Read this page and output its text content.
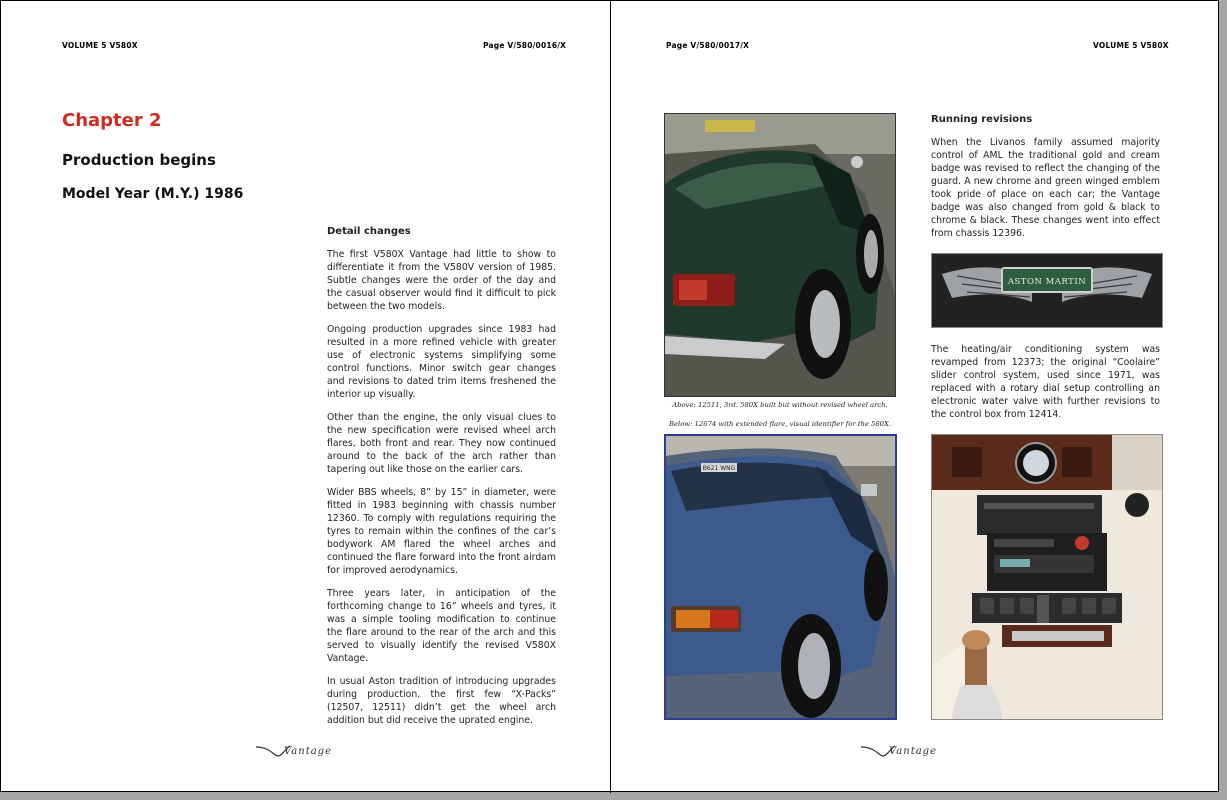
VOLUME 5 V580X	Page V/580/0016/X
Chapter 2
Production begins
Model Year (M.Y.) 1986
Detail changes

The first V580X Vantage had little to show to differentiate it from the V580V version of 1985. Subtle changes were the order of the day and the casual observer would find it difficult to pick between the two models.

Ongoing production upgrades since 1983 had resulted in a more refined vehicle with greater use of electronic systems simplifying some control functions. Minor switch gear changes and revisions to dated trim items freshened the interior up visually.

Other than the engine, the only visual clues to the new specification were revised wheel arch flares, both front and rear. They now continued around to the back of the arch rather than tapering out like those on the earlier cars.

Wider BBS wheels, 8” by 15” in diameter, were fitted in 1983 beginning with chassis number 12360. To comply with regulations requiring the tyres to remain within the confines of the car’s bodywork AM flared the wheel arches and continued the flare forward into the front airdam for improved aerodynamics.

Three years later, in anticipation of the forthcoming change to 16” wheels and tyres, it was a simple tooling modification to continue the flare around to the rear of the arch and this served to visually identify the revised V580X Vantage.

In usual Aston tradition of introducing upgrades during production, the first few “X-Packs” (12507, 12511) didn’t get the wheel arch addition but did receive the uprated engine.

Vantage
Page V/580/0017/X	VOLUME 5 V580X
Above: 12511, 3rd. 580X built but without revised wheel arch.
Below: 12674 with extended flare, visual identifier for the 580X.
B621 WNG
Running revisions

When the Livanos family assumed majority control of AML the traditional gold and cream badge was revised to reflect the changing of the guard. A new chrome and green winged emblem took pride of place on each car; the Vantage badge was also changed from gold & black to chrome & black. These changes went into effect from chassis 12396.

ASTON MARTIN

The heating/air conditioning system was revamped from 12373; the original “Coolaire” slider control system, used since 1971, was replaced with a rotary dial setup controlling an electronic water valve with further revisions to the control box from 12414.

Vantage
